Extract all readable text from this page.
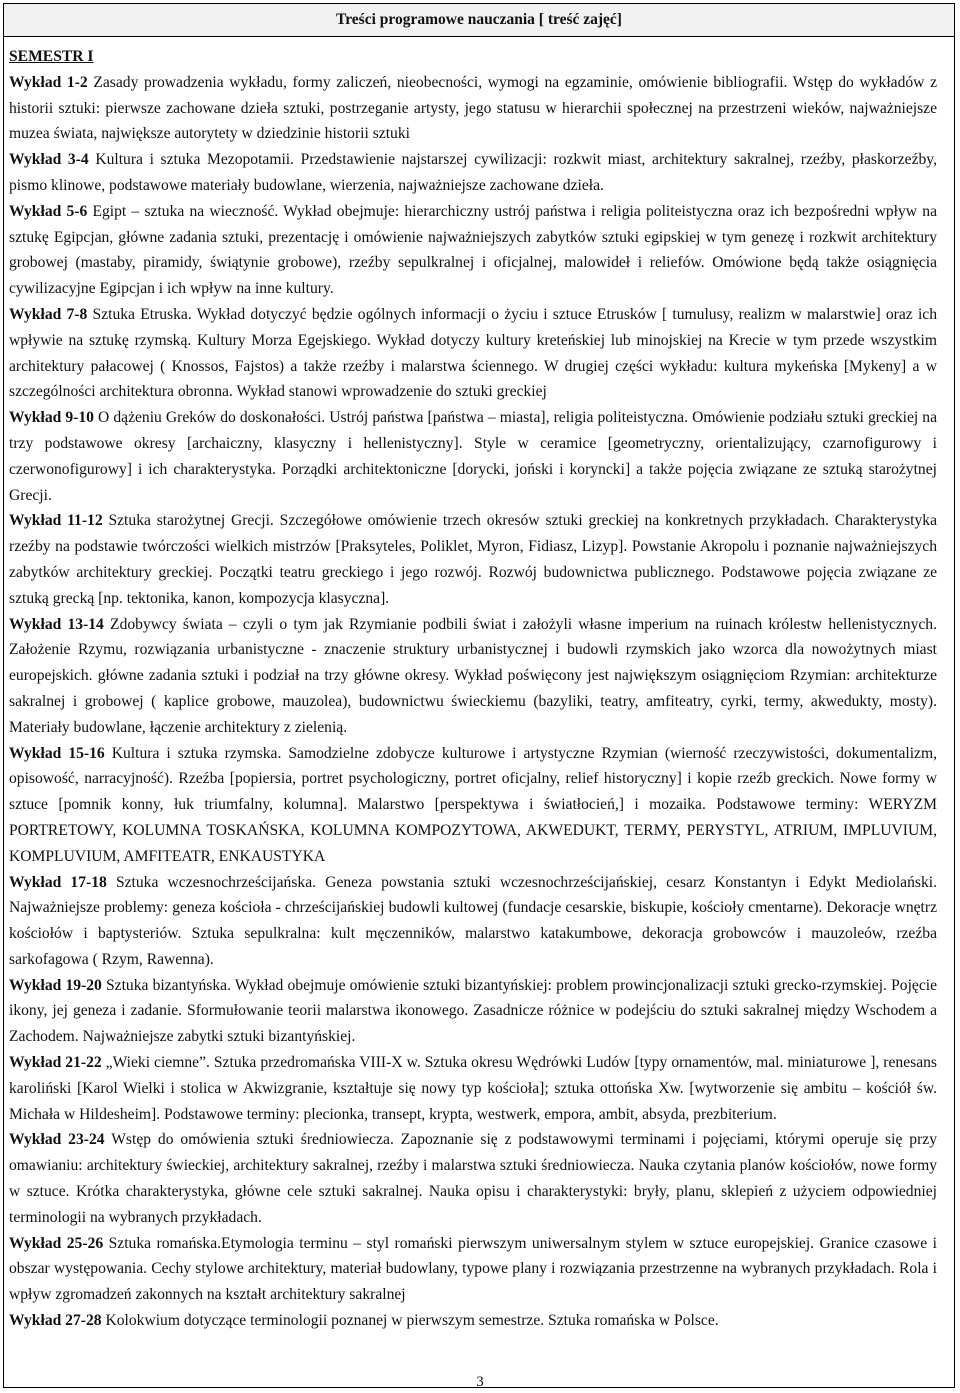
Treści programowe nauczania [ treść zajęć]

SEMESTR I

Wykład 1-2 Zasady prowadzenia wykładu, formy zaliczeń, nieobecności, wymogi na egzaminie, omówienie bibliografii. Wstęp do wykładów z historii sztuki: pierwsze zachowane dzieła sztuki, postrzeganie artysty, jego statusu w hierarchii społecznej na przestrzeni wieków, najważniejsze muzea świata, największe autorytety w dziedzinie historii sztuki

Wykład 3-4 Kultura i sztuka Mezopotamii. Przedstawienie najstarszej cywilizacji: rozkwit miast, architektury sakralnej, rzeźby, płaskorzeźby, pismo klinowe, podstawowe materiały budowlane, wierzenia, najważniejsze zachowane dzieła.

Wykład 5-6 Egipt – sztuka na wieczność. Wykład obejmuje: hierarchiczny ustrój państwa i religia politeistyczna oraz ich bezpośredni wpływ na sztukę Egipcjan, główne zadania sztuki, prezentację i omówienie najważniejszych zabytków sztuki egipskiej w tym genezę i rozkwit architektury grobowej (mastaby, piramidy, świątynie grobowe), rzeźby sepulkralnej i oficjalnej, malowideł i reliefów. Omówione będą także osiągnięcia cywilizacyjne Egipcjan i ich wpływ na inne kultury.

Wykład 7-8 Sztuka Etruska. Wykład dotyczyć będzie ogólnych informacji o życiu i sztuce Etrusków [ tumulusy, realizm w malarstwie] oraz ich wpływie na sztukę rzymską. Kultury Morza Egejskiego. Wykład dotyczy kultury kreteńskiej lub minojskiej na Krecie w tym przede wszystkim architektury pałacowej ( Knossos, Fajstos) a także rzeźby i malarstwa ściennego. W drugiej części wykładu: kultura mykeńska [Mykeny] a w szczególności architektura obronna. Wykład stanowi wprowadzenie do sztuki greckiej

Wykład 9-10 O dążeniu Greków do doskonałości. Ustrój państwa [państwa – miasta], religia politeistyczna. Omówienie podziału sztuki greckiej na trzy podstawowe okresy [archaiczny, klasyczny i hellenistyczny]. Style w ceramice [geometryczny, orientalizujący, czarnofigurowy i czerwonofigurowy] i ich charakterystyka. Porządki architektoniczne [dorycki, joński i koryncki] a także pojęcia związane ze sztuką starożytnej Grecji.

Wykład 11-12 Sztuka starożytnej Grecji. Szczegółowe omówienie trzech okresów sztuki greckiej na konkretnych przykładach. Charakterystyka rzeźby na podstawie twórczości wielkich mistrzów [Praksyteles, Poliklet, Myron, Fidiasz, Lizyp]. Powstanie Akropolu i poznanie najważniejszych zabytków architektury greckiej. Początki teatru greckiego i jego rozwój. Rozwój budownictwa publicznego. Podstawowe pojęcia związane ze sztuką grecką [np. tektonika, kanon, kompozycja klasyczna].

Wykład 13-14 Zdobywcy świata – czyli o tym jak Rzymianie podbili świat i założyli własne imperium na ruinach królestw hellenistycznych. Założenie Rzymu, rozwiązania urbanistyczne - znaczenie struktury urbanistycznej i budowli rzymskich jako wzorca dla nowożytnych miast europejskich. główne zadania sztuki i podział na trzy główne okresy. Wykład poświęcony jest największym osiągnięciom Rzymian: architekturze sakralnej i grobowej ( kaplice grobowe, mauzolea), budownictwu świeckiemu (bazyliki, teatry, amfiteatry, cyrki, termy, akwedukty, mosty). Materiały budowlane, łączenie architektury z zielenią.

Wykład 15-16 Kultura i sztuka rzymska. Samodzielne zdobycze kulturowe i artystyczne Rzymian (wierność rzeczywistości, dokumentalizm, opisowość, narracyjność). Rzeźba [popiersia, portret psychologiczny, portret oficjalny, relief historyczny] i kopie rzeźb greckich. Nowe formy w sztuce [pomnik konny, łuk triumfalny, kolumna]. Malarstwo [perspektywa i światłocień,] i mozaika. Podstawowe terminy: WERYZM PORTRETOWY, KOLUMNA TOSKAŃSKA, KOLUMNA KOMPOZYTOWA, AKWEDUKT, TERMY, PERYSTYL, ATRIUM, IMPLUVIUM, KOMPLUVIUM, AMFITEATR, ENKAUSTYKA

Wykład 17-18 Sztuka wczesnochrześcijańska. Geneza powstania sztuki wczesnochrześcijańskiej, cesarz Konstantyn i Edykt Mediolański. Najważniejsze problemy: geneza kościoła - chrześcijańskiej budowli kultowej (fundacje cesarskie, biskupie, kościoły cmentarne). Dekoracje wnętrz kościołów i baptysteriów. Sztuka sepulkralna: kult męczenników, malarstwo katakumbowe, dekoracja grobowców i mauzoleów, rzeźba sarkofagowa ( Rzym, Rawenna).

Wykład 19-20 Sztuka bizantyńska. Wykład obejmuje omówienie sztuki bizantyńskiej: problem prowincjonalizacji sztuki grecko-rzymskiej. Pojęcie ikony, jej geneza i zadanie. Sformułowanie teorii malarstwa ikonowego. Zasadnicze różnice w podejściu do sztuki sakralnej między Wschodem a Zachodem. Najważniejsze zabytki sztuki bizantyńskiej.

Wykład 21-22 „Wieki ciemne”. Sztuka przedromańska VIII-X w. Sztuka okresu Wędrówki Ludów [typy ornamentów, mal. miniaturowe ], renesans karoliński [Karol Wielki i stolica w Akwizgranie, kształtuje się nowy typ kościoła]; sztuka ottońska Xw. [wytworzenie się ambitu – kościół św. Michała w Hildesheim]. Podstawowe terminy: plecionka, transept, krypta, westwerk, empora, ambit, absyda, prezbiterium.

Wykład 23-24 Wstęp do omówienia sztuki średniowiecza. Zapoznanie się z podstawowymi terminami i pojęciami, którymi operuje się przy omawianiu: architektury świeckiej, architektury sakralnej, rzeźby i malarstwa sztuki średniowiecza. Nauka czytania planów kościołów, nowe formy w sztuce. Krótka charakterystyka, główne cele sztuki sakralnej. Nauka opisu i charakterystyki: bryły, planu, sklepień z użyciem odpowiedniej terminologii na wybranych przykładach.

Wykład 25-26 Sztuka romańska.Etymologia terminu – styl romański pierwszym uniwersalnym stylem w sztuce europejskiej. Granice czasowe i obszar występowania. Cechy stylowe architektury, materiał budowlany, typowe plany i rozwiązania przestrzenne na wybranych przykładach. Rola i wpływ zgromadzeń zakonnych na kształt architektury sakralnej

Wykład 27-28 Kolokwium dotyczące terminologii poznanej w pierwszym semestrze. Sztuka romańska w Polsce.

3
